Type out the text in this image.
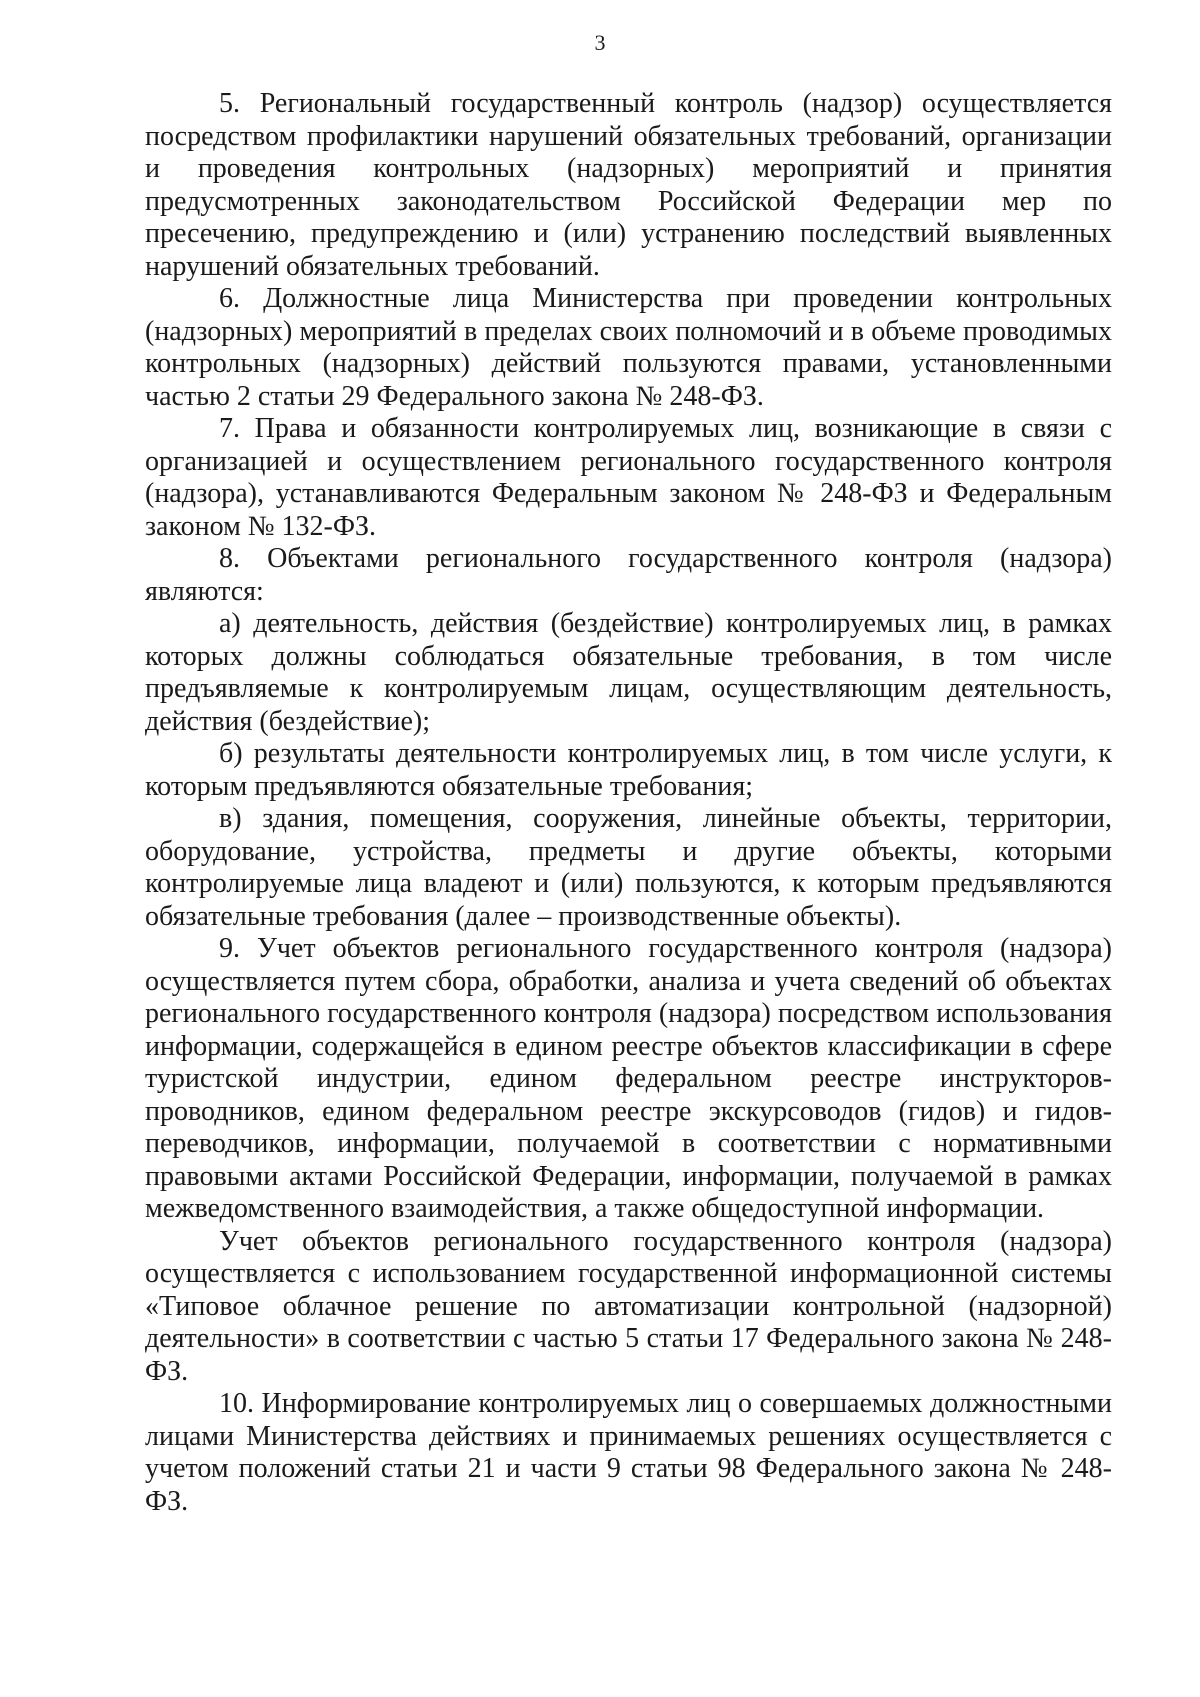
3

5. Региональный государственный контроль (надзор) осуществляется посредством профилактики нарушений обязательных требований, организации и проведения контрольных (надзорных) мероприятий и принятия предусмотренных законодательством Российской Федерации мер по пресечению, предупреждению и (или) устранению последствий выявленных нарушений обязательных требований.

6. Должностные лица Министерства при проведении контрольных (надзорных) мероприятий в пределах своих полномочий и в объеме проводимых контрольных (надзорных) действий пользуются правами, установленными частью 2 статьи 29 Федерального закона № 248-ФЗ.

7. Права и обязанности контролируемых лиц, возникающие в связи с организацией и осуществлением регионального государственного контроля (надзора), устанавливаются Федеральным законом № 248-ФЗ и Федеральным законом № 132-ФЗ.

8. Объектами регионального государственного контроля (надзора) являются:

а) деятельность, действия (бездействие) контролируемых лиц, в рамках которых должны соблюдаться обязательные требования, в том числе предъявляемые к контролируемым лицам, осуществляющим деятельность, действия (бездействие);

б) результаты деятельности контролируемых лиц, в том числе услуги, к которым предъявляются обязательные требования;

в) здания, помещения, сооружения, линейные объекты, территории, оборудование, устройства, предметы и другие объекты, которыми контролируемые лица владеют и (или) пользуются, к которым предъявляются обязательные требования (далее – производственные объекты).

9. Учет объектов регионального государственного контроля (надзора) осуществляется путем сбора, обработки, анализа и учета сведений об объектах регионального государственного контроля (надзора) посредством использования информации, содержащейся в едином реестре объектов классификации в сфере туристской индустрии, едином федеральном реестре инструкторов-проводников, едином федеральном реестре экскурсоводов (гидов) и гидов-переводчиков, информации, получаемой в соответствии с нормативными правовыми актами Российской Федерации, информации, получаемой в рамках межведомственного взаимодействия, а также общедоступной информации.

Учет объектов регионального государственного контроля (надзора) осуществляется с использованием государственной информационной системы «Типовое облачное решение по автоматизации контрольной (надзорной) деятельности» в соответствии с частью 5 статьи 17 Федерального закона № 248-ФЗ.

10. Информирование контролируемых лиц о совершаемых должностными лицами Министерства действиях и принимаемых решениях осуществляется с учетом положений статьи 21 и части 9 статьи 98 Федерального закона № 248-ФЗ.
